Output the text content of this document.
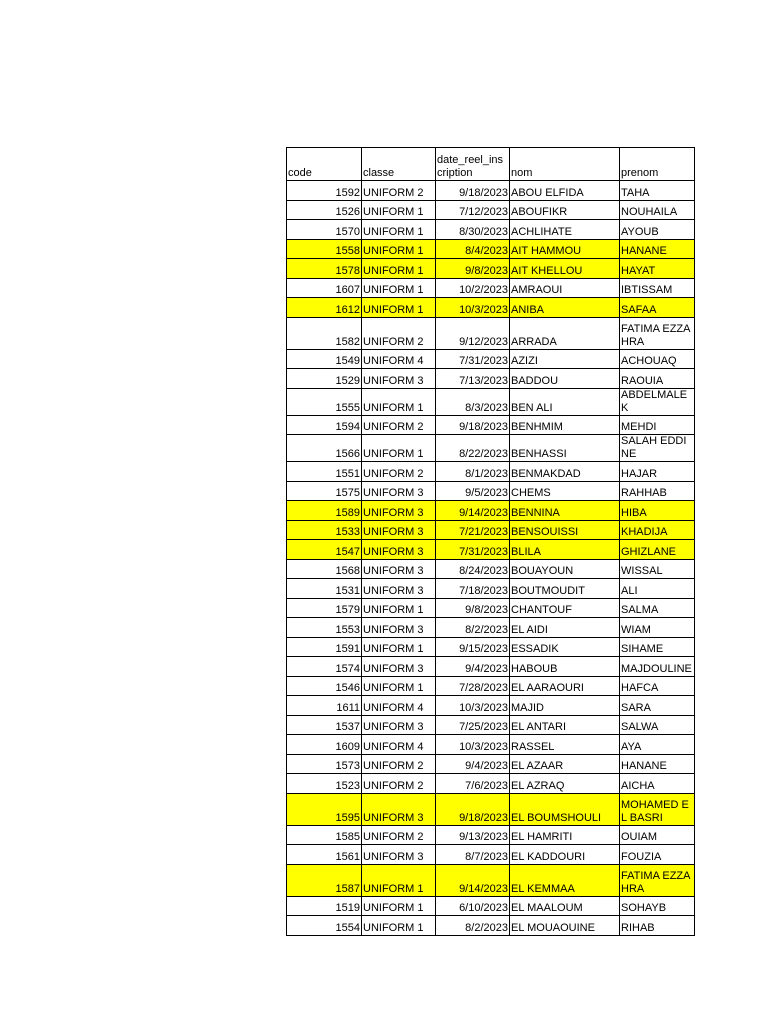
code	classe	date_reel_inscription	nom	prenom
1592	UNIFORM 2	9/18/2023	ABOU ELFIDA	TAHA
1526	UNIFORM 1	7/12/2023	ABOUFIKR	NOUHAILA
1570	UNIFORM 1	8/30/2023	ACHLIHATE	AYOUB
1558	UNIFORM 1	8/4/2023	AIT HAMMOU	HANANE
1578	UNIFORM 1	9/8/2023	AIT KHELLOU	HAYAT
1607	UNIFORM 1	10/2/2023	AMRAOUI	IBTISSAM
1612	UNIFORM 1	10/3/2023	ANIBA	SAFAA
1582	UNIFORM 2	9/12/2023	ARRADA	FATIMA EZZAHRA
1549	UNIFORM 4	7/31/2023	AZIZI	ACHOUAQ
1529	UNIFORM 3	7/13/2023	BADDOU	RAOUIA
1555	UNIFORM 1	8/3/2023	BEN ALI	ABDELMALEK
1594	UNIFORM 2	9/18/2023	BENHMIM	MEHDI
1566	UNIFORM 1	8/22/2023	BENHASSI	SALAH EDDINE
1551	UNIFORM 2	8/1/2023	BENMAKDAD	HAJAR
1575	UNIFORM 3	9/5/2023	CHEMS	RAHHAB
1589	UNIFORM 3	9/14/2023	BENNINA	HIBA
1533	UNIFORM 3	7/21/2023	BENSOUISSI	KHADIJA
1547	UNIFORM 3	7/31/2023	BLILA	GHIZLANE
1568	UNIFORM 3	8/24/2023	BOUAYOUN	WISSAL
1531	UNIFORM 3	7/18/2023	BOUTMOUDIT	ALI
1579	UNIFORM 1	9/8/2023	CHANTOUF	SALMA
1553	UNIFORM 3	8/2/2023	EL AIDI	WIAM
1591	UNIFORM 1	9/15/2023	ESSADIK	SIHAME
1574	UNIFORM 3	9/4/2023	HABOUB	MAJDOULINE
1546	UNIFORM 1	7/28/2023	EL AARAOURI	HAFCA
1611	UNIFORM 4	10/3/2023	MAJID	SARA
1537	UNIFORM 3	7/25/2023	EL ANTARI	SALWA
1609	UNIFORM 4	10/3/2023	RASSEL	AYA
1573	UNIFORM 2	9/4/2023	EL AZAAR	HANANE
1523	UNIFORM 2	7/6/2023	EL AZRAQ	AICHA
1595	UNIFORM 3	9/18/2023	EL BOUMSHOULI	MOHAMED EL BASRI
1585	UNIFORM 2	9/13/2023	EL HAMRITI	OUIAM
1561	UNIFORM 3	8/7/2023	EL KADDOURI	FOUZIA
1587	UNIFORM 1	9/14/2023	EL KEMMAA	FATIMA EZZAHRA
1519	UNIFORM 1	6/10/2023	EL MAALOUM	SOHAYB
1554	UNIFORM 1	8/2/2023	EL MOUAOUINE	RIHAB
